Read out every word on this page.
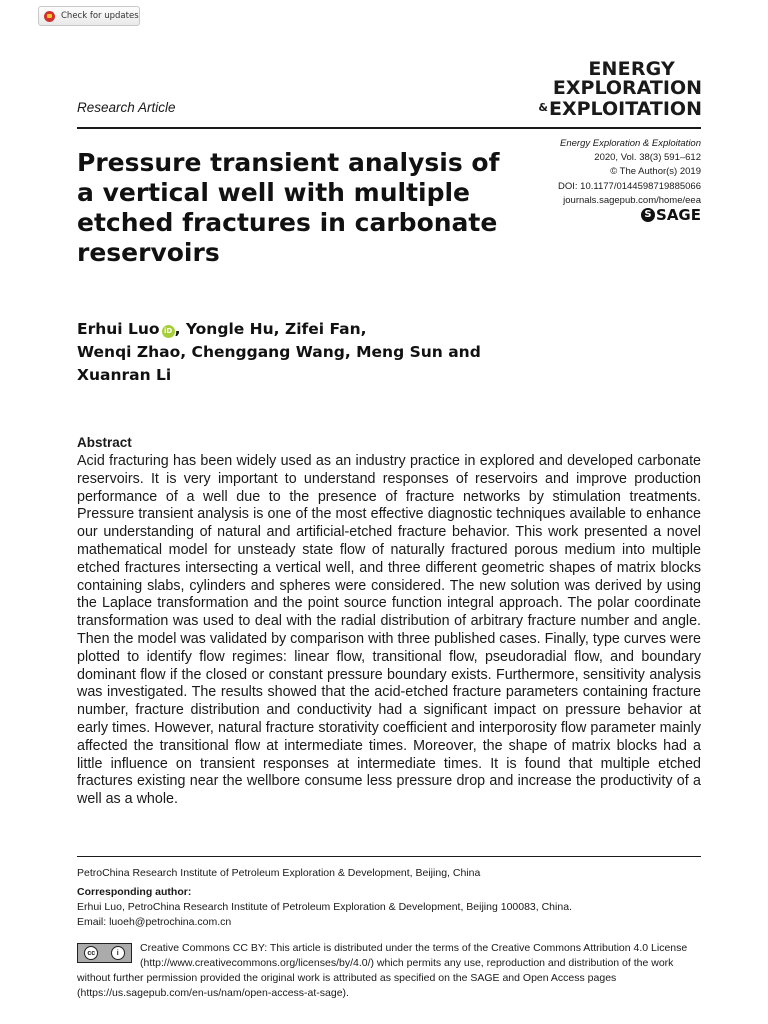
Check for updates
ENERGY
EXPLORATION
&EXPLOITATION
Research Article
Energy Exploration & Exploitation
2020, Vol. 38(3) 591–612
© The Author(s) 2019
DOI: 10.1177/0144598719885066
journals.sagepub.com/home/eea
S SAGE
Pressure transient analysis of a vertical well with multiple etched fractures in carbonate reservoirs
Erhui Luo iD , Yongle Hu, Zifei Fan,
Wenqi Zhao, Chenggang Wang, Meng Sun and
Xuanran Li
Abstract

Acid fracturing has been widely used as an industry practice in explored and developed carbonate reservoirs. It is very important to understand responses of reservoirs and improve production performance of a well due to the presence of fracture networks by stimulation treatments. Pressure transient analysis is one of the most effective diagnostic techniques available to enhance our understanding of natural and artificial-etched fracture behavior. This work presented a novel mathematical model for unsteady state flow of naturally fractured porous medium into multiple etched fractures intersecting a vertical well, and three different geometric shapes of matrix blocks containing slabs, cylinders and spheres were considered. The new solution was derived by using the Laplace transformation and the point source function integral approach. The polar coordinate transformation was used to deal with the radial distribution of arbitrary fracture number and angle. Then the model was validated by comparison with three published cases. Finally, type curves were plotted to identify flow regimes: linear flow, transitional flow, pseudoradial flow, and boundary dominant flow if the closed or constant pressure boundary exists. Furthermore, sensitivity analysis was investigated. The results showed that the acid-etched fracture parameters containing fracture number, fracture distribution and conductivity had a significant impact on pressure behavior at early times. However, natural fracture storativity coefficient and interporosity flow parameter mainly affected the transitional flow at intermediate times. Moreover, the shape of matrix blocks had a little influence on transient responses at intermediate times. It is found that multiple etched fractures existing near the wellbore consume less pressure drop and increase the productivity of a well as a whole.

PetroChina Research Institute of Petroleum Exploration & Development, Beijing, China
Corresponding author:
Erhui Luo, PetroChina Research Institute of Petroleum Exploration & Development, Beijing 100083, China.
Email: luoeh@petrochina.com.cn
cc	i	Creative Commons CC BY: This article is distributed under the terms of the Creative Commons Attribution 4.0 License (http://www.creativecommons.org/licenses/by/4.0/) which permits any use, reproduction and distribution of the work without further permission provided the original work is attributed as specified on the SAGE and Open Access pages (https://us.sagepub.com/en-us/nam/open-access-at-sage).
